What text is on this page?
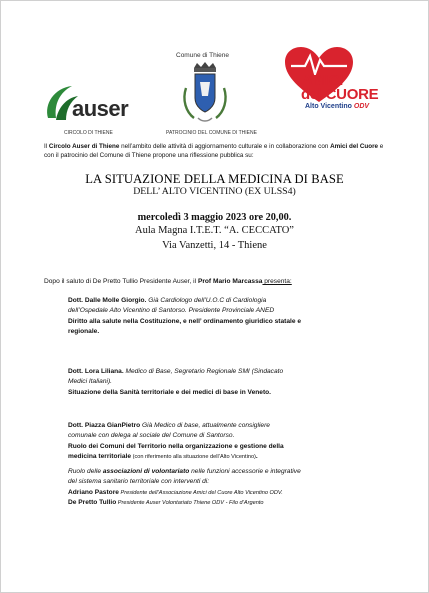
auser
CIRCOLO DI THIENE
Comune di Thiene
PATROCINIO DEL COMUNE DI THIENE
AMICI
del CUORE
Alto Vicentino ODV
Il Circolo Auser di Thiene nell’ambito delle attività di aggiornamento culturale e in collaborazione con Amici del Cuore e con il patrocinio del Comune di Thiene propone una riflessione pubblica su:
LA SITUAZIONE DELLA MEDICINA DI BASE
DELL’ ALTO VICENTINO (EX ULSS4)
mercoledì 3 maggio 2023 ore 20,00.
Aula Magna I.T.E.T. “A. CECCATO”
Via Vanzetti, 14 - Thiene
Dopo il saluto di De Pretto Tullio Presidente Auser, il Prof Mario Marcassa presenta:
Dott. Dalle Molle Giorgio. Già Cardiologo dell’U.O.C di Cardiologia
dell’Ospedale Alto Vicentino di Santorso. Presidente Provinciale ANED
Diritto alla salute nella Costituzione, e nell’ ordinamento giuridico statale e
regionale.
Dott. Lora Liliana. Medico di Base, Segretario Regionale SMI (Sindacato
Medici Italiani).
Situazione della Sanità territoriale e dei medici di base in Veneto.
Dott. Piazza GianPietro Già Medico di base, attualmente consigliere
comunale con delega al sociale del Comune di Santorso.
Ruolo dei Comuni del Territorio nella organizzazione e gestione della
medicina territoriale (con riferimento alla situazione dell’Alto Vicentino).
Ruolo delle associazioni di volontariato nelle funzioni accessorie e integrative
del sistema sanitario territoriale con interventi di:
Adriano Pastore Presidente dell’Associazione Amici del Cuore Alto Vicentino ODV.
De Pretto Tullio Presidente Auser Volontariato Thiene ODV - Filo d’Argento
